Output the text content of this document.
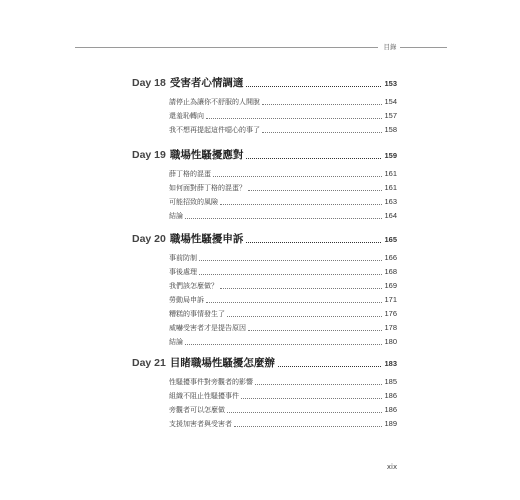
目錄
Day 18 受害者心情調適	153
請停止為讓你不舒服的人開脫	154
還羞恥轉向	157
我不想再提起這件噁心的事了	158
Day 19 職場性騷擾應對	159
薛丁格的混蛋	161
如何面對薛丁格的混蛋？	161
可能招致的風險	163
結論	164
Day 20 職場性騷擾申訴	165
事前防制	166
事後處理	168
我們該怎麼做？	169
勞動局申訴	171
糟糕的事情發生了	176
威嚇受害者才是提告原因	178
結論	180
Day 21 目睹職場性騷擾怎麼辦	183
性騷擾事件對旁觀者的影響	185
組織不阻止性騷擾事件	186
旁觀者可以怎麼做	186
支援加害者與受害者	189
xix
